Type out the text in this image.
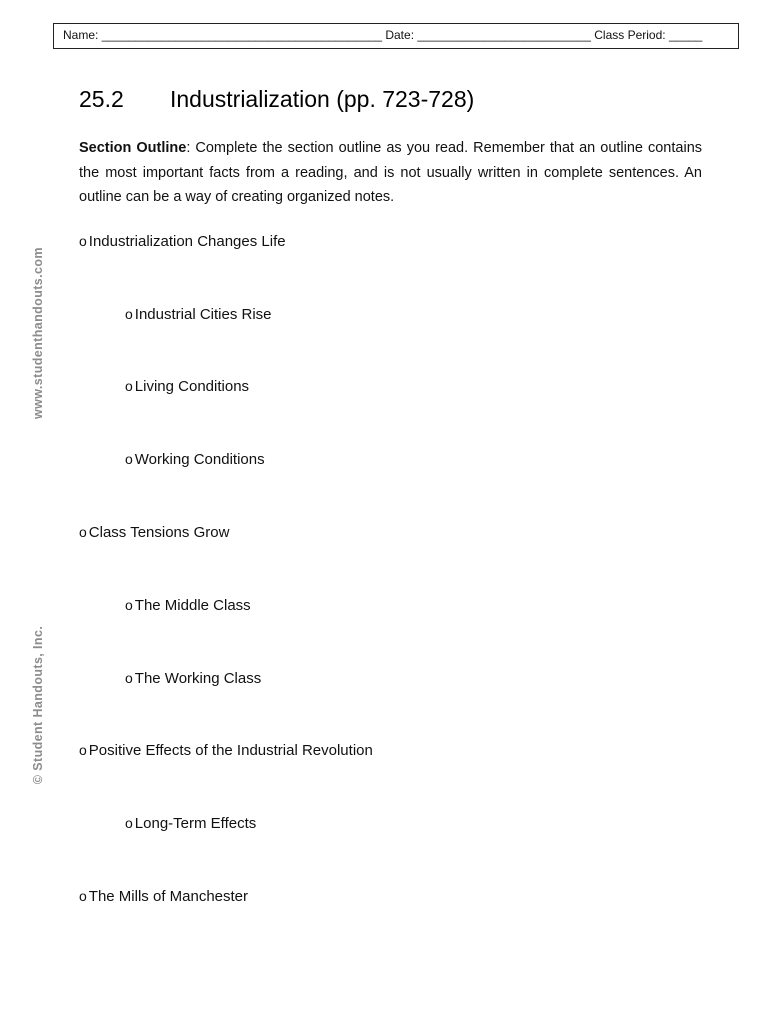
Name: __________________________________________ Date: __________________________ Class Period: _____
www.studenthandouts.com
© Student Handouts, Inc.
25.2 Industrialization (pp. 723-728)
Section Outline: Complete the section outline as you read. Remember that an outline contains the most important facts from a reading, and is not usually written in complete sentences. An outline can be a way of creating organized notes.
o Industrialization Changes Life
o Industrial Cities Rise
o Living Conditions
o Working Conditions
o Class Tensions Grow
o The Middle Class
o The Working Class
o Positive Effects of the Industrial Revolution
o Long-Term Effects
o The Mills of Manchester
